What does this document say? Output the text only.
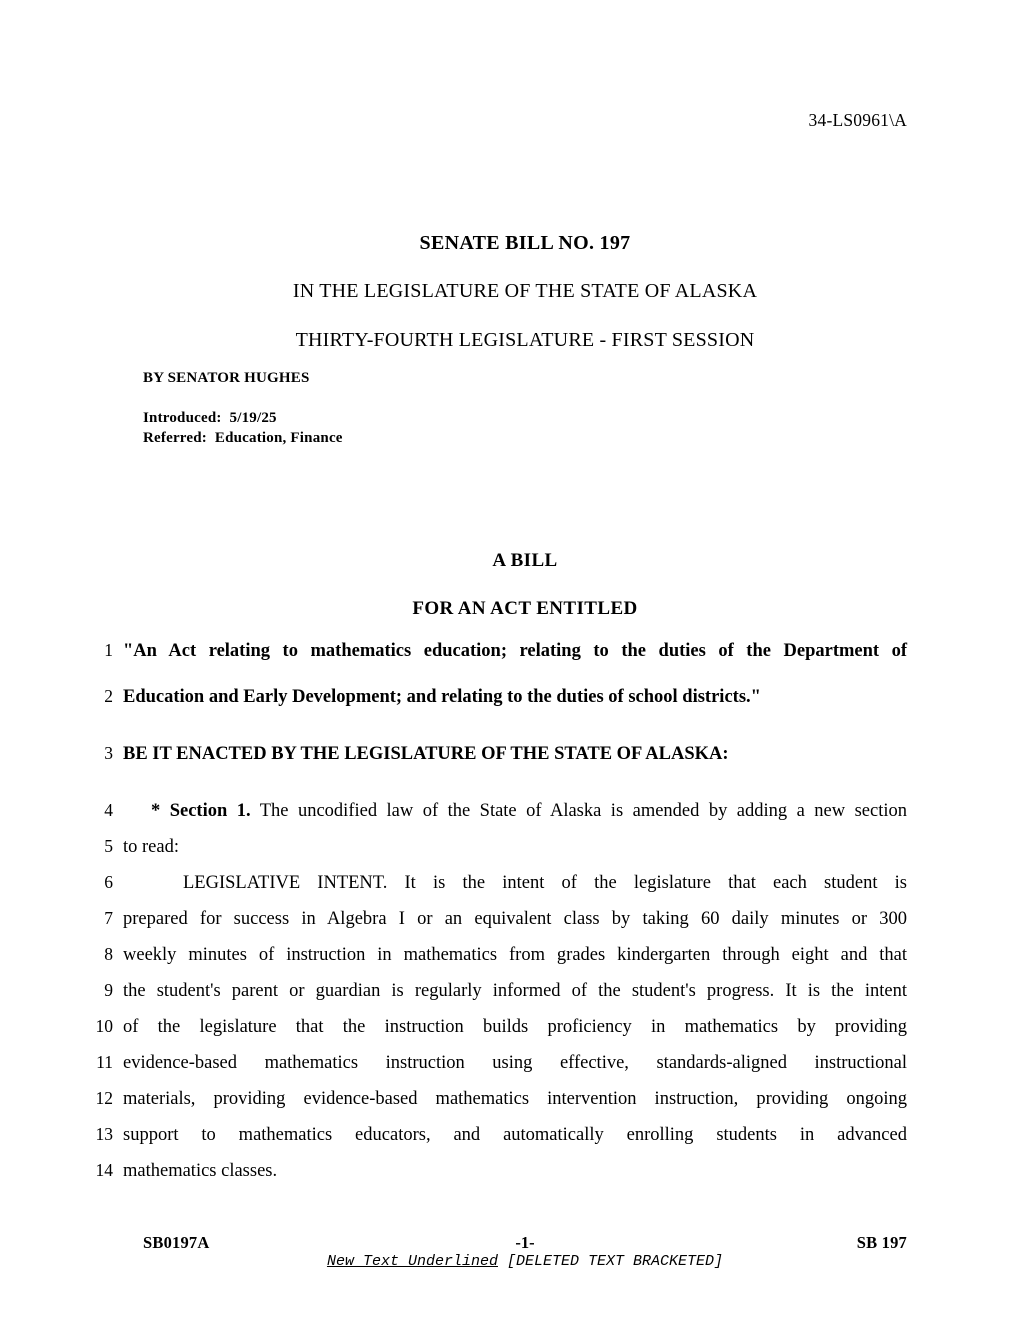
34-LS0961\A
SENATE BILL NO. 197
IN THE LEGISLATURE OF THE STATE OF ALASKA
THIRTY-FOURTH LEGISLATURE - FIRST SESSION
BY SENATOR HUGHES
Introduced:  5/19/25
Referred:  Education, Finance
A BILL
FOR AN ACT ENTITLED
1 "An Act relating to mathematics education; relating to the duties of the Department of
2 Education and Early Development; and relating to the duties of school districts."
3 BE IT ENACTED BY THE LEGISLATURE OF THE STATE OF ALASKA:
4	* Section 1. The uncodified law of the State of Alaska is amended by adding a new section
5 to read:
6	LEGISLATIVE INTENT. It is the intent of the legislature that each student is
7 prepared for success in Algebra I or an equivalent class by taking 60 daily minutes or 300
8 weekly minutes of instruction in mathematics from grades kindergarten through eight and that
9 the student's parent or guardian is regularly informed of the student's progress. It is the intent
10 of the legislature that the instruction builds proficiency in mathematics by providing
11 evidence-based mathematics instruction using effective, standards-aligned instructional
12 materials, providing evidence-based mathematics intervention instruction, providing ongoing
13 support to mathematics educators, and automatically enrolling students in advanced
14 mathematics classes.
SB0197A	-1-	SB 197
New Text Underlined [DELETED TEXT BRACKETED]
